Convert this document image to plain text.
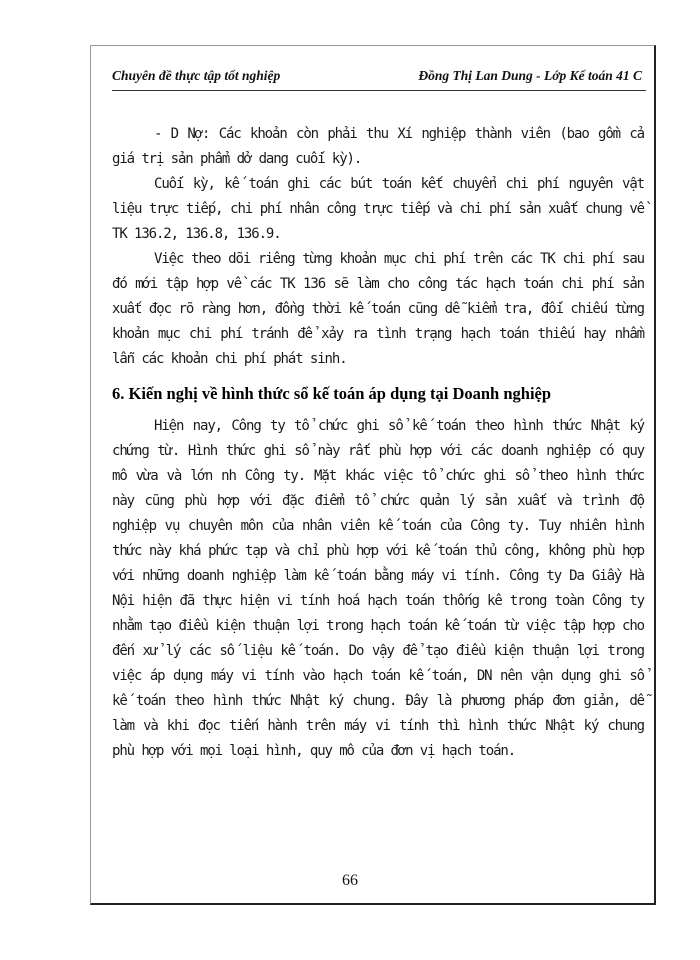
Chuyên đề thực tập tốt nghiệp	Đồng Thị Lan Dung - Lớp Kế toán 41 C

- D Nợ: Các khoản còn phải thu Xí nghiệp thành viên (bao gồm cả giá trị sản phẩm dở dang cuối kỳ).

Cuối kỳ, kế toán ghi các bút toán kết chuyển chi phí nguyên vật liệu trực tiếp, chi phí nhân công trực tiếp và chi phí sản xuất chung về TK 136.2, 136.8, 136.9.

Việc theo dõi riêng từng khoản mục chi phí trên các TK chi phí sau đó mới tập hợp về các TK 136 sẽ làm cho công tác hạch toán chi phí sản xuất đọc rõ ràng hơn, đồng thời kế toán cũng dễ kiểm tra, đối chiếu từng khoản mục chi phí tránh để xảy ra tình trạng hạch toán thiếu hay nhầm lẫn các khoản chi phí phát sinh.

6. Kiến nghị về hình thức sổ kế toán áp dụng tại Doanh nghiệp

Hiện nay, Công ty tổ chức ghi sổ kế toán theo hình thức Nhật ký chứng từ. Hình thức ghi sổ này rất phù hợp với các doanh nghiệp có quy mô vừa và lớn nh Công ty. Mặt khác việc tổ chức ghi sổ theo hình thức này cũng phù hợp với đặc điểm tổ chức quản lý sản xuất và trình độ nghiệp vụ chuyên môn của nhân viên kế toán của Công ty. Tuy nhiên hình thức này khá phức tạp và chỉ phù hợp với kế toán thủ công, không phù hợp với những doanh nghiệp làm kế toán bằng máy vi tính. Công ty Da Giầy Hà Nội hiện đã thực hiện vi tính hoá hạch toán thống kê trong toàn Công ty nhằm tạo điều kiện thuận lợi trong hạch toán kế toán từ việc tập hợp cho đến xử lý các số liệu kế toán. Do vậy để tạo điều kiện thuận lợi trong việc áp dụng máy vi tính vào hạch toán kế toán, DN nên vận dụng ghi sổ kế toán theo hình thức Nhật ký chung. Đây là phương pháp đơn giản, dễ làm và khi đọc tiến hành trên máy vi tính thì hình thức Nhật ký chung phù hợp với mọi loại hình, quy mô của đơn vị hạch toán.

66
